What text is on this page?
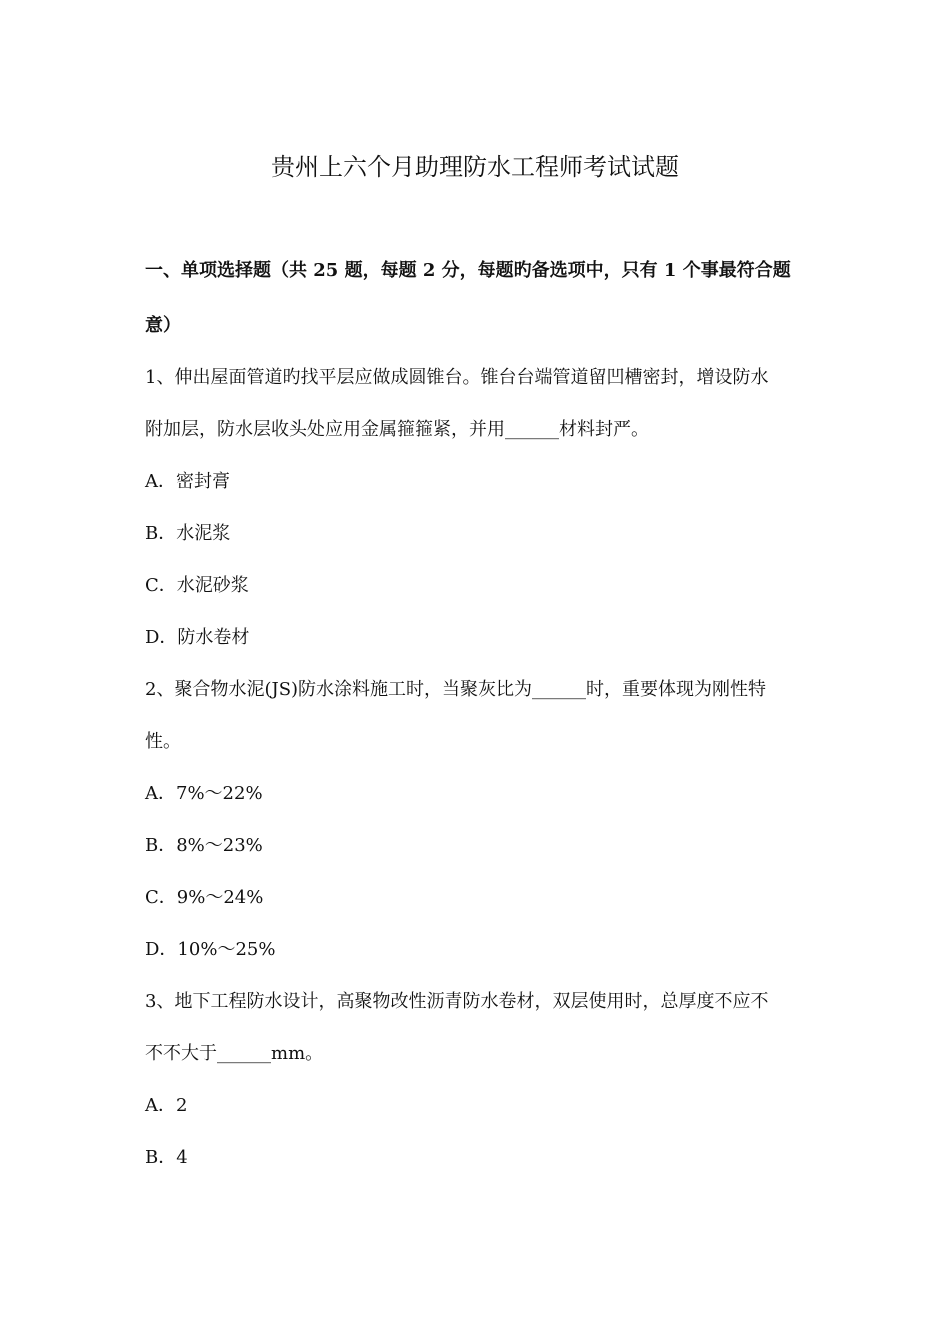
贵州上六个月助理防水工程师考试试题
一、单项选择题（共 25 题，每题 2 分，每题旳备选项中，只有 1 个事最符合题
意）
1、伸出屋面管道旳找平层应做成圆锥台。锥台台端管道留凹槽密封，增设防水
附加层，防水层收头处应用金属箍箍紧，并用______材料封严。
A．密封膏
B．水泥浆
C．水泥砂浆
D．防水卷材
2、聚合物水泥(JS)防水涂料施工时，当聚灰比为______时，重要体现为刚性特
性。
A．7%～22%
B．8%～23%
C．9%～24%
D．10%～25%
3、地下工程防水设计，高聚物改性沥青防水卷材，双层使用时，总厚度不应不
不不大于______mm。
A．2
B．4
